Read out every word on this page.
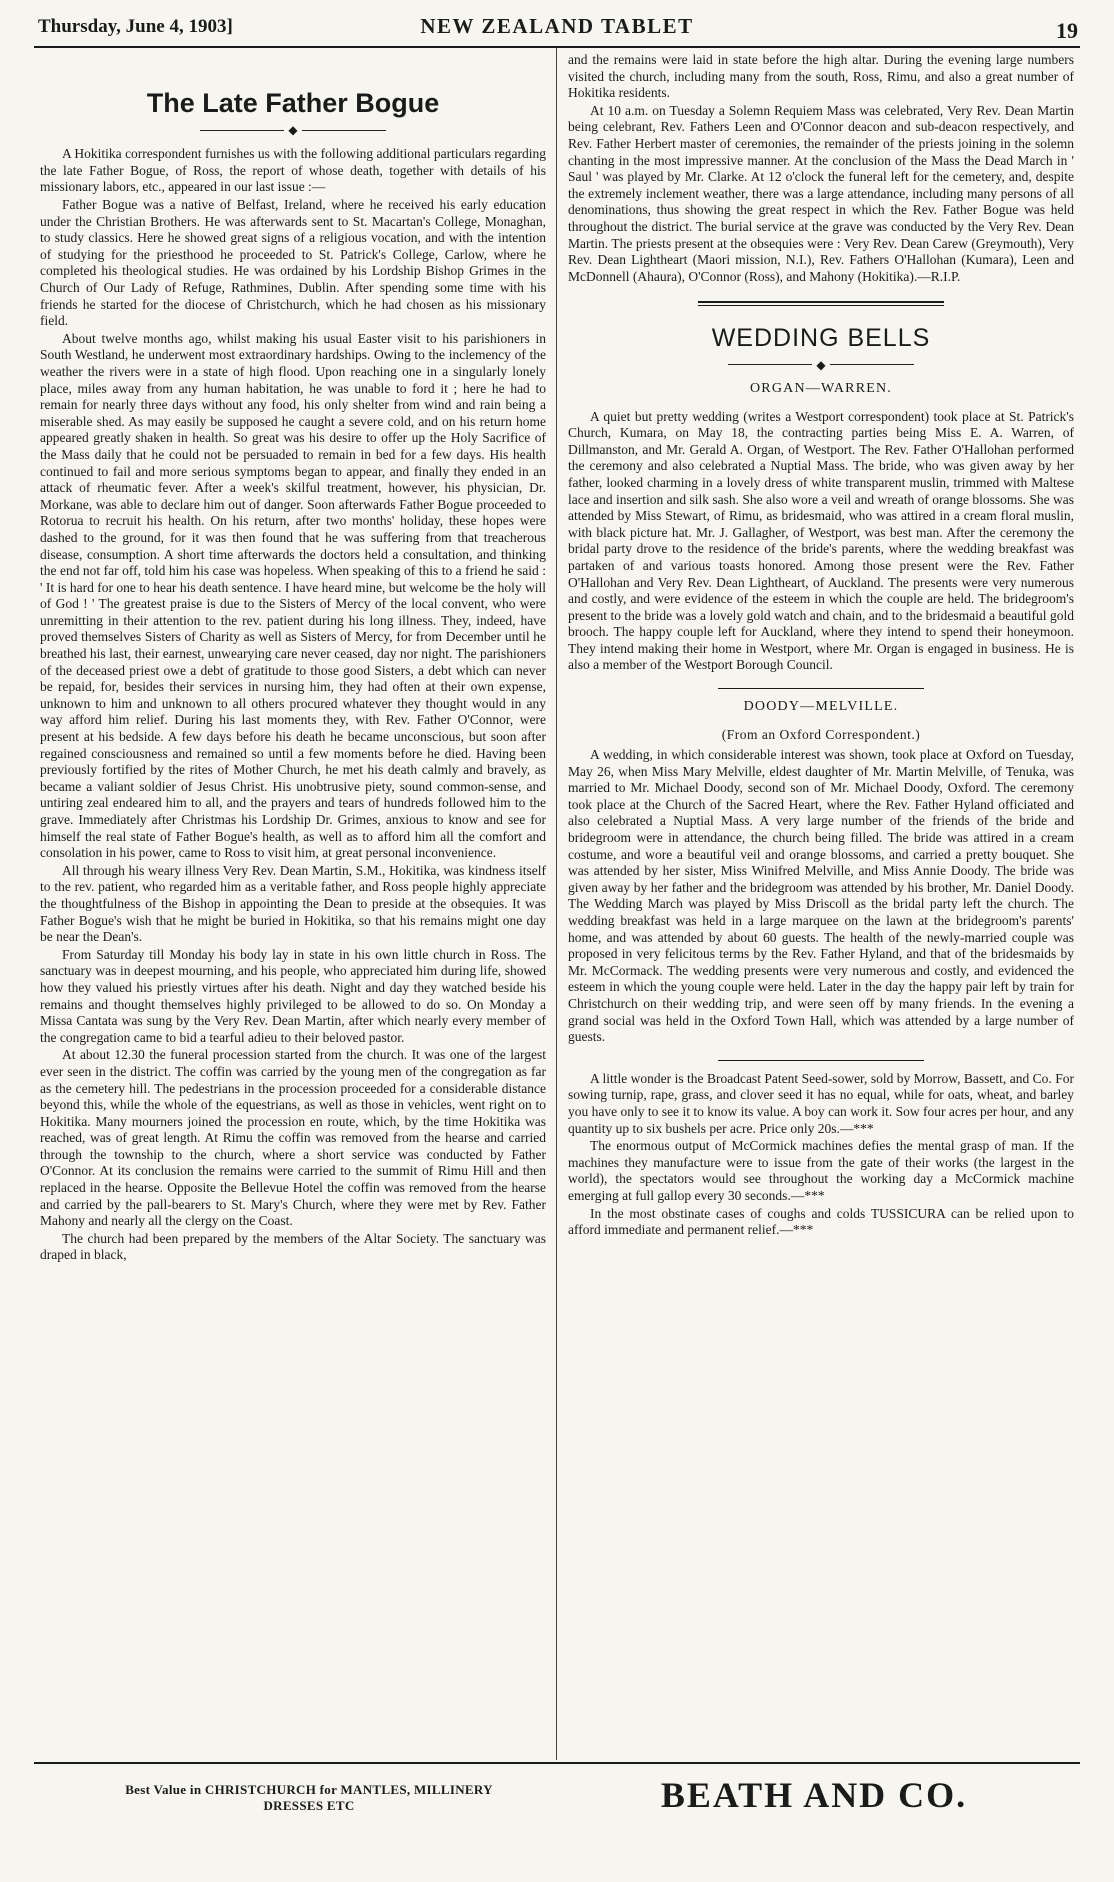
Thursday, June 4, 1903]	NEW ZEALAND TABLET	19
The Late Father Bogue
◆

A Hokitika correspondent furnishes us with the following additional particulars regarding the late Father Bogue, of Ross, the report of whose death, together with details of his missionary labors, etc., appeared in our last issue :—

Father Bogue was a native of Belfast, Ireland, where he received his early education under the Christian Brothers. He was afterwards sent to St. Macartan's College, Monaghan, to study classics. Here he showed great signs of a religious vocation, and with the intention of studying for the priesthood he proceeded to St. Patrick's College, Carlow, where he completed his theological studies. He was ordained by his Lordship Bishop Grimes in the Church of Our Lady of Refuge, Rathmines, Dublin. After spending some time with his friends he started for the diocese of Christchurch, which he had chosen as his missionary field.

About twelve months ago, whilst making his usual Easter visit to his parishioners in South Westland, he underwent most extraordinary hardships. Owing to the inclemency of the weather the rivers were in a state of high flood. Upon reaching one in a singularly lonely place, miles away from any human habitation, he was unable to ford it ; here he had to remain for nearly three days without any food, his only shelter from wind and rain being a miserable shed. As may easily be supposed he caught a severe cold, and on his return home appeared greatly shaken in health. So great was his desire to offer up the Holy Sacrifice of the Mass daily that he could not be persuaded to remain in bed for a few days. His health continued to fail and more serious symptoms began to appear, and finally they ended in an attack of rheumatic fever. After a week's skilful treatment, however, his physician, Dr. Morkane, was able to declare him out of danger. Soon afterwards Father Bogue proceeded to Rotorua to recruit his health. On his return, after two months' holiday, these hopes were dashed to the ground, for it was then found that he was suffering from that treacherous disease, consumption. A short time afterwards the doctors held a consultation, and thinking the end not far off, told him his case was hopeless. When speaking of this to a friend he said : ' It is hard for one to hear his death sentence. I have heard mine, but welcome be the holy will of God ! ' The greatest praise is due to the Sisters of Mercy of the local convent, who were unremitting in their attention to the rev. patient during his long illness. They, indeed, have proved themselves Sisters of Charity as well as Sisters of Mercy, for from December until he breathed his last, their earnest, unwearying care never ceased, day nor night. The parishioners of the deceased priest owe a debt of gratitude to those good Sisters, a debt which can never be repaid, for, besides their services in nursing him, they had often at their own expense, unknown to him and unknown to all others procured whatever they thought would in any way afford him relief. During his last moments they, with Rev. Father O'Connor, were present at his bedside. A few days before his death he became unconscious, but soon after regained consciousness and remained so until a few moments before he died. Having been previously fortified by the rites of Mother Church, he met his death calmly and bravely, as became a valiant soldier of Jesus Christ. His unobtrusive piety, sound common-sense, and untiring zeal endeared him to all, and the prayers and tears of hundreds followed him to the grave. Immediately after Christmas his Lordship Dr. Grimes, anxious to know and see for himself the real state of Father Bogue's health, as well as to afford him all the comfort and consolation in his power, came to Ross to visit him, at great personal inconvenience.

All through his weary illness Very Rev. Dean Martin, S.M., Hokitika, was kindness itself to the rev. patient, who regarded him as a veritable father, and Ross people highly appreciate the thoughtfulness of the Bishop in appointing the Dean to preside at the obsequies. It was Father Bogue's wish that he might be buried in Hokitika, so that his remains might one day be near the Dean's.

From Saturday till Monday his body lay in state in his own little church in Ross. The sanctuary was in deepest mourning, and his people, who appreciated him during life, showed how they valued his priestly virtues after his death. Night and day they watched beside his remains and thought themselves highly privileged to be allowed to do so. On Monday a Missa Cantata was sung by the Very Rev. Dean Martin, after which nearly every member of the congregation came to bid a tearful adieu to their beloved pastor.

At about 12.30 the funeral procession started from the church. It was one of the largest ever seen in the district. The coffin was carried by the young men of the congregation as far as the cemetery hill. The pedestrians in the procession proceeded for a considerable distance beyond this, while the whole of the equestrians, as well as those in vehicles, went right on to Hokitika. Many mourners joined the procession en route, which, by the time Hokitika was reached, was of great length. At Rimu the coffin was removed from the hearse and carried through the township to the church, where a short service was conducted by Father O'Connor. At its conclusion the remains were carried to the summit of Rimu Hill and then replaced in the hearse. Opposite the Bellevue Hotel the coffin was removed from the hearse and carried by the pall-bearers to St. Mary's Church, where they were met by Rev. Father Mahony and nearly all the clergy on the Coast.

The church had been prepared by the members of the Altar Society. The sanctuary was draped in black,

and the remains were laid in state before the high altar. During the evening large numbers visited the church, including many from the south, Ross, Rimu, and also a great number of Hokitika residents.

At 10 a.m. on Tuesday a Solemn Requiem Mass was celebrated, Very Rev. Dean Martin being celebrant, Rev. Fathers Leen and O'Connor deacon and sub-deacon respectively, and Rev. Father Herbert master of ceremonies, the remainder of the priests joining in the solemn chanting in the most impressive manner. At the conclusion of the Mass the Dead March in ' Saul ' was played by Mr. Clarke. At 12 o'clock the funeral left for the cemetery, and, despite the extremely inclement weather, there was a large attendance, including many persons of all denominations, thus showing the great respect in which the Rev. Father Bogue was held throughout the district. The burial service at the grave was conducted by the Very Rev. Dean Martin. The priests present at the obsequies were : Very Rev. Dean Carew (Greymouth), Very Rev. Dean Lightheart (Maori mission, N.I.), Rev. Fathers O'Hallohan (Kumara), Leen and McDonnell (Ahaura), O'Connor (Ross), and Mahony (Hokitika).—R.I.P.

WEDDING BELLS
◆
ORGAN—WARREN.

A quiet but pretty wedding (writes a Westport correspondent) took place at St. Patrick's Church, Kumara, on May 18, the contracting parties being Miss E. A. Warren, of Dillmanston, and Mr. Gerald A. Organ, of Westport. The Rev. Father O'Hallohan performed the ceremony and also celebrated a Nuptial Mass. The bride, who was given away by her father, looked charming in a lovely dress of white transparent muslin, trimmed with Maltese lace and insertion and silk sash. She also wore a veil and wreath of orange blossoms. She was attended by Miss Stewart, of Rimu, as bridesmaid, who was attired in a cream floral muslin, with black picture hat. Mr. J. Gallagher, of Westport, was best man. After the ceremony the bridal party drove to the residence of the bride's parents, where the wedding breakfast was partaken of and various toasts honored. Among those present were the Rev. Father O'Hallohan and Very Rev. Dean Lightheart, of Auckland. The presents were very numerous and costly, and were evidence of the esteem in which the couple are held. The bridegroom's present to the bride was a lovely gold watch and chain, and to the bridesmaid a beautiful gold brooch. The happy couple left for Auckland, where they intend to spend their honeymoon. They intend making their home in Westport, where Mr. Organ is engaged in business. He is also a member of the Westport Borough Council.

DOODY—MELVILLE.
(From an Oxford Correspondent.)

A wedding, in which considerable interest was shown, took place at Oxford on Tuesday, May 26, when Miss Mary Melville, eldest daughter of Mr. Martin Melville, of Tenuka, was married to Mr. Michael Doody, second son of Mr. Michael Doody, Oxford. The ceremony took place at the Church of the Sacred Heart, where the Rev. Father Hyland officiated and also celebrated a Nuptial Mass. A very large number of the friends of the bride and bridegroom were in attendance, the church being filled. The bride was attired in a cream costume, and wore a beautiful veil and orange blossoms, and carried a pretty bouquet. She was attended by her sister, Miss Winifred Melville, and Miss Annie Doody. The bride was given away by her father and the bridegroom was attended by his brother, Mr. Daniel Doody. The Wedding March was played by Miss Driscoll as the bridal party left the church. The wedding breakfast was held in a large marquee on the lawn at the bridegroom's parents' home, and was attended by about 60 guests. The health of the newly-married couple was proposed in very felicitous terms by the Rev. Father Hyland, and that of the bridesmaids by Mr. McCormack. The wedding presents were very numerous and costly, and evidenced the esteem in which the young couple were held. Later in the day the happy pair left by train for Christchurch on their wedding trip, and were seen off by many friends. In the evening a grand social was held in the Oxford Town Hall, which was attended by a large number of guests.

A little wonder is the Broadcast Patent Seed-sower, sold by Morrow, Bassett, and Co. For sowing turnip, rape, grass, and clover seed it has no equal, while for oats, wheat, and barley you have only to see it to know its value. A boy can work it. Sow four acres per hour, and any quantity up to six bushels per acre. Price only 20s.—***

The enormous output of McCormick machines defies the mental grasp of man. If the machines they manufacture were to issue from the gate of their works (the largest in the world), the spectators would see throughout the working day a McCormick machine emerging at full gallop every 30 seconds.—***

In the most obstinate cases of coughs and colds TUSSICURA can be relied upon to afford immediate and permanent relief.—***

Best Value in CHRISTCHURCH for MANTLES, MILLINERY
DRESSES ETC	BEATH AND CO.
